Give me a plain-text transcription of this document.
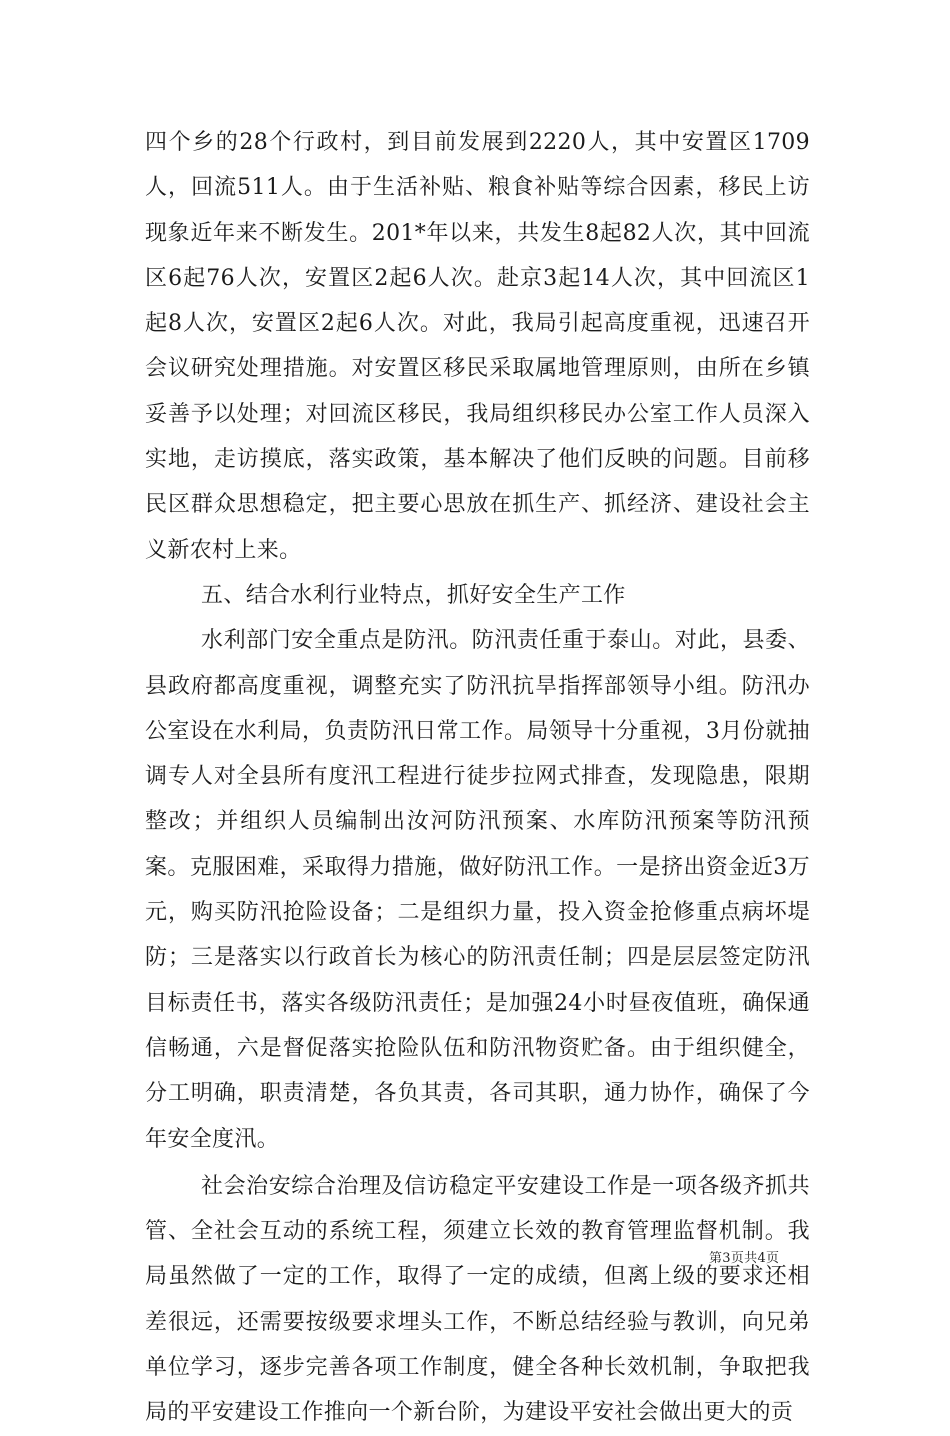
四个乡的28个行政村，到目前发展到2220人，其中安置区1709人，回流511人。由于生活补贴、粮食补贴等综合因素，移民上访现象近年来不断发生。201*年以来，共发生8起82人次，其中回流区6起76人次，安置区2起6人次。赴京3起14人次，其中回流区1起8人次，安置区2起6人次。对此，我局引起高度重视，迅速召开会议研究处理措施。对安置区移民采取属地管理原则，由所在乡镇妥善予以处理；对回流区移民，我局组织移民办公室工作人员深入实地，走访摸底，落实政策，基本解决了他们反映的问题。目前移民区群众思想稳定，把主要心思放在抓生产、抓经济、建设社会主义新农村上来。

五、结合水利行业特点，抓好安全生产工作

水利部门安全重点是防汛。防汛责任重于泰山。对此，县委、县政府都高度重视，调整充实了防汛抗旱指挥部领导小组。防汛办公室设在水利局，负责防汛日常工作。局领导十分重视，3月份就抽调专人对全县所有度汛工程进行徒步拉网式排查，发现隐患，限期整改；并组织人员编制出汝河防汛预案、水库防汛预案等防汛预案。克服困难，采取得力措施，做好防汛工作。一是挤出资金近3万元，购买防汛抢险设备；二是组织力量，投入资金抢修重点病坏堤防；三是落实以行政首长为核心的防汛责任制；四是层层签定防汛目标责任书，落实各级防汛责任；是加强24小时昼夜值班，确保通信畅通，六是督促落实抢险队伍和防汛物资贮备。由于组织健全，分工明确，职责清楚，各负其责，各司其职，通力协作，确保了今年安全度汛。

社会治安综合治理及信访稳定平安建设工作是一项各级齐抓共管、全社会互动的系统工程，须建立长效的教育管理监督机制。我局虽然做了一定的工作，取得了一定的成绩，但离上级的要求还相差很远，还需要按级要求埋头工作，不断总结经验与教训，向兄弟单位学习，逐步完善各项工作制度，健全各种长效机制，争取把我局的平安建设工作推向一个新台阶，为建设平安社会做出更大的贡

第3页共4页
